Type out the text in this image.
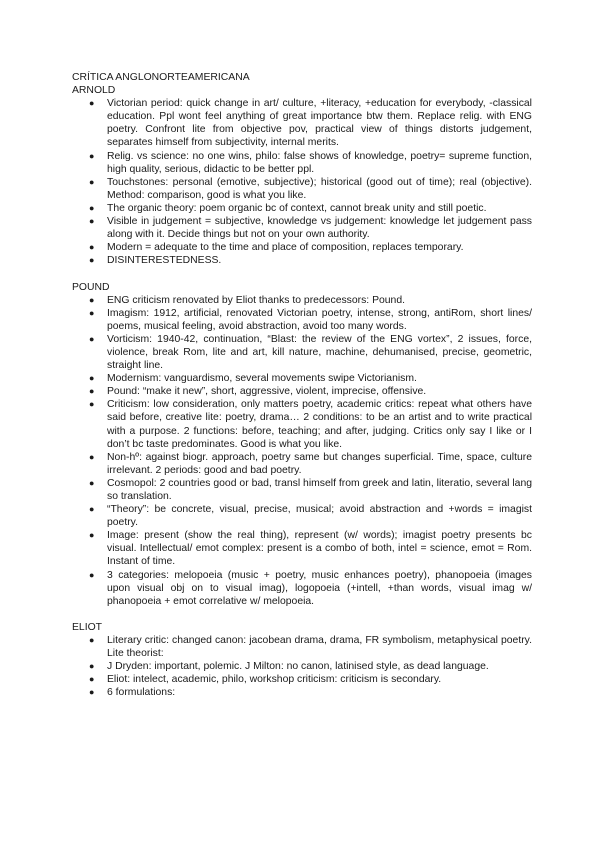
CRÍTICA ANGLONORTEAMERICANA
ARNOLD
● Victorian period: quick change in art/ culture, +literacy, +education for everybody, -classical education. Ppl wont feel anything of great importance btw them. Replace relig. with ENG poetry. Confront lite from objective pov, practical view of things distorts judgement, separates himself from subjectivity, internal merits.
● Relig. vs science: no one wins, philo: false shows of knowledge, poetry= supreme function, high quality, serious, didactic to be better ppl.
● Touchstones: personal (emotive, subjective); historical (good out of time); real (objective). Method: comparison, good is what you like.
● The organic theory: poem organic bc of context, cannot break unity and still poetic.
● Visible in judgement = subjective, knowledge vs judgement: knowledge let judgement pass along with it. Decide things but not on your own authority.
● Modern = adequate to the time and place of composition, replaces temporary.
● DISINTERESTEDNESS.
POUND
● ENG criticism renovated by Eliot thanks to predecessors: Pound.
● Imagism: 1912, artificial, renovated Victorian poetry, intense, strong, antiRom, short lines/ poems, musical feeling, avoid abstraction, avoid too many words.
● Vorticism: 1940-42, continuation, “Blast: the review of the ENG vortex”, 2 issues, force, violence, break Rom, lite and art, kill nature, machine, dehumanised, precise, geometric, straight line.
● Modernism: vanguardismo, several movements swipe Victorianism.
● Pound: “make it new”, short, aggressive, violent, imprecise, offensive.
● Criticism: low consideration, only matters poetry, academic critics: repeat what others have said before, creative lite: poetry, drama… 2 conditions: to be an artist and to write practical with a purpose. 2 functions: before, teaching; and after, judging. Critics only say I like or I don’t bc taste predominates. Good is what you like.
● Non-hº: against biogr. approach, poetry same but changes superficial. Time, space, culture irrelevant. 2 periods: good and bad poetry.
● Cosmopol: 2 countries good or bad, transl himself from greek and latin, literatio, several lang so translation.
● “Theory”: be concrete, visual, precise, musical; avoid abstraction and +words = imagist poetry.
● Image: present (show the real thing), represent (w/ words); imagist poetry presents bc visual. Intellectual/ emot complex: present is a combo of both, intel = science, emot = Rom. Instant of time.
● 3 categories: melopoeia (music + poetry, music enhances poetry), phanopoeia (images upon visual obj on to visual imag), logopoeia (+intell, +than words, visual imag w/ phanopoeia + emot correlative w/ melopoeia.
ELIOT
● Literary critic: changed canon: jacobean drama, drama, FR symbolism, metaphysical poetry. Lite theorist:
● J Dryden: important, polemic. J Milton: no canon, latinised style, as dead language.
● Eliot: intelect, academic, philo, workshop criticism: criticism is secondary.
● 6 formulations:
